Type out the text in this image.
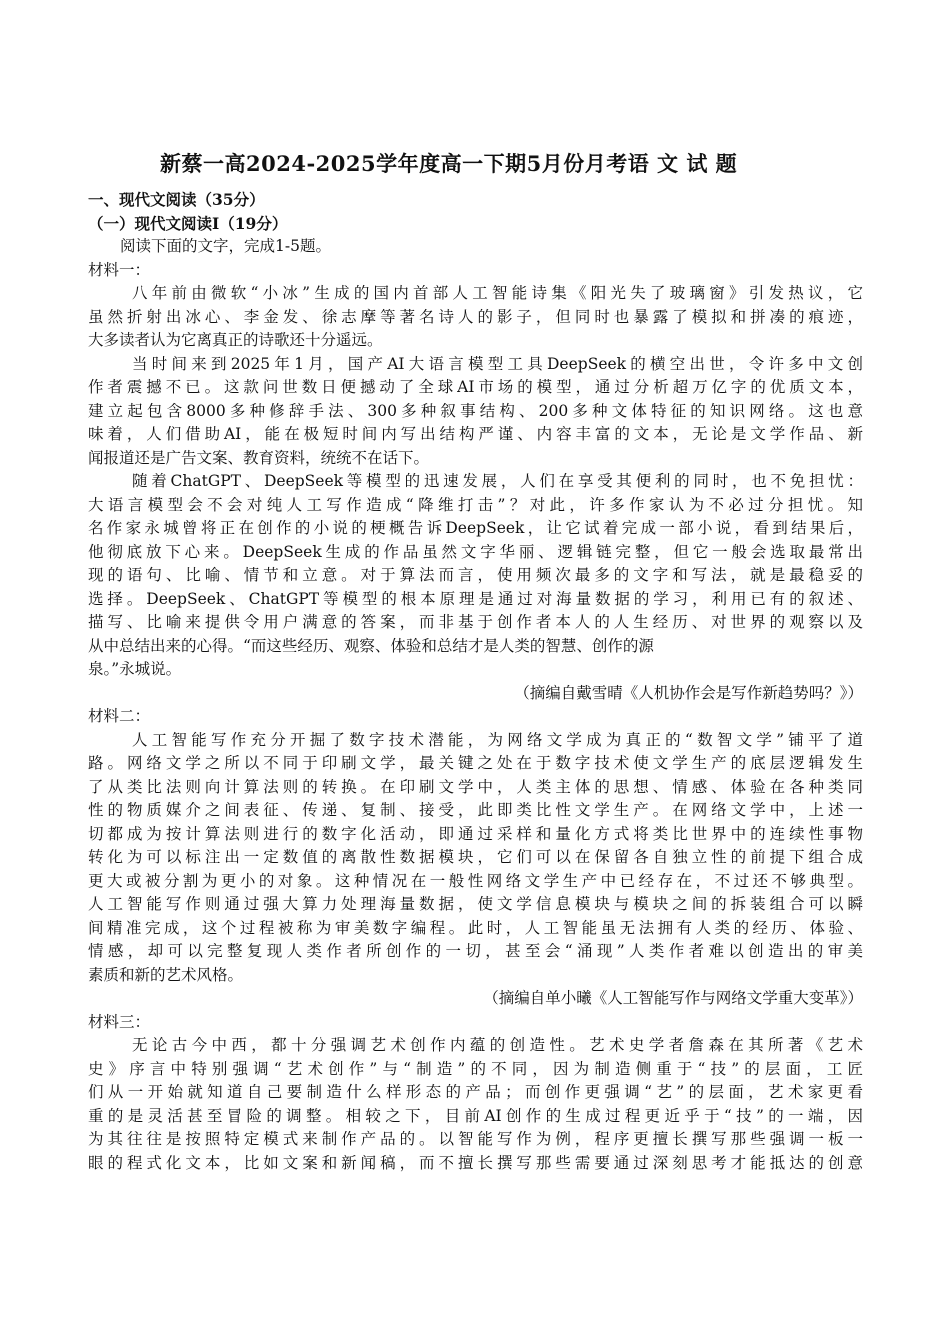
新蔡一高2024-2025学年度高一下期5月份月考语 文 试 题
一、现代文阅读（35分）
（一）现代文阅读Ⅰ（19分）
阅读下面的文字，完成1-5题。
材料一：
八年前由微软“小冰”生成的国内首部人工智能诗集《阳光失了玻璃窗》引发热议，它
虽然折射出冰心、李金发、徐志摩等著名诗人的影子，但同时也暴露了模拟和拼凑的痕迹，
大多读者认为它离真正的诗歌还十分遥远。
当时间来到2025年1月，国产AI大语言模型工具DeepSeek的横空出世，令许多中文创
作者震撼不已。这款问世数日便撼动了全球AI市场的模型，通过分析超万亿字的优质文本，
建立起包含8000多种修辞手法、300多种叙事结构、200多种文体特征的知识网络。这也意
味着，人们借助AI，能在极短时间内写出结构严谨、内容丰富的文本，无论是文学作品、新
闻报道还是广告文案、教育资料，统统不在话下。
随着ChatGPT、DeepSeek等模型的迅速发展，人们在享受其便利的同时，也不免担忧：
大语言模型会不会对纯人工写作造成“降维打击”？对此，许多作家认为不必过分担忧。知
名作家永城曾将正在创作的小说的梗概告诉DeepSeek，让它试着完成一部小说，看到结果后，
他彻底放下心来。DeepSeek生成的作品虽然文字华丽、逻辑链完整，但它一般会选取最常出
现的语句、比喻、情节和立意。对于算法而言，使用频次最多的文字和写法，就是最稳妥的
选择。DeepSeek、ChatGPT等模型的根本原理是通过对海量数据的学习，利用已有的叙述、
描写、比喻来提供令用户满意的答案，而非基于创作者本人的人生经历、对世界的观察以及
从中总结出来的心得。“而这些经历、观察、体验和总结才是人类的智慧、创作的源
泉。”永城说。
（摘编自戴雪晴《人机协作会是写作新趋势吗？》）
材料二：
人工智能写作充分开掘了数字技术潜能，为网络文学成为真正的“数智文学”铺平了道
路。网络文学之所以不同于印刷文学，最关键之处在于数字技术使文学生产的底层逻辑发生
了从类比法则向计算法则的转换。在印刷文学中，人类主体的思想、情感、体验在各种类同
性的物质媒介之间表征、传递、复制、接受，此即类比性文学生产。在网络文学中，上述一
切都成为按计算法则进行的数字化活动，即通过采样和量化方式将类比世界中的连续性事物
转化为可以标注出一定数值的离散性数据模块，它们可以在保留各自独立性的前提下组合成
更大或被分割为更小的对象。这种情况在一般性网络文学生产中已经存在，不过还不够典型。
人工智能写作则通过强大算力处理海量数据，使文学信息模块与模块之间的拆装组合可以瞬
间精准完成，这个过程被称为审美数字编程。此时，人工智能虽无法拥有人类的经历、体验、
情感，却可以完整复现人类作者所创作的一切，甚至会“涌现”人类作者难以创造出的审美
素质和新的艺术风格。
（摘编自单小曦《人工智能写作与网络文学重大变革》）
材料三：
无论古今中西，都十分强调艺术创作内蕴的创造性。艺术史学者詹森在其所著《艺术
史》序言中特别强调“艺术创作”与“制造”的不同，因为制造侧重于“技”的层面，工匠
们从一开始就知道自己要制造什么样形态的产品；而创作更强调“艺”的层面，艺术家更看
重的是灵活甚至冒险的调整。相较之下，目前AI创作的生成过程更近乎于“技”的一端，因
为其往往是按照特定模式来制作产品的。以智能写作为例，程序更擅长撰写那些强调一板一
眼的程式化文本，比如文案和新闻稿，而不擅长撰写那些需要通过深刻思考才能抵达的创意
